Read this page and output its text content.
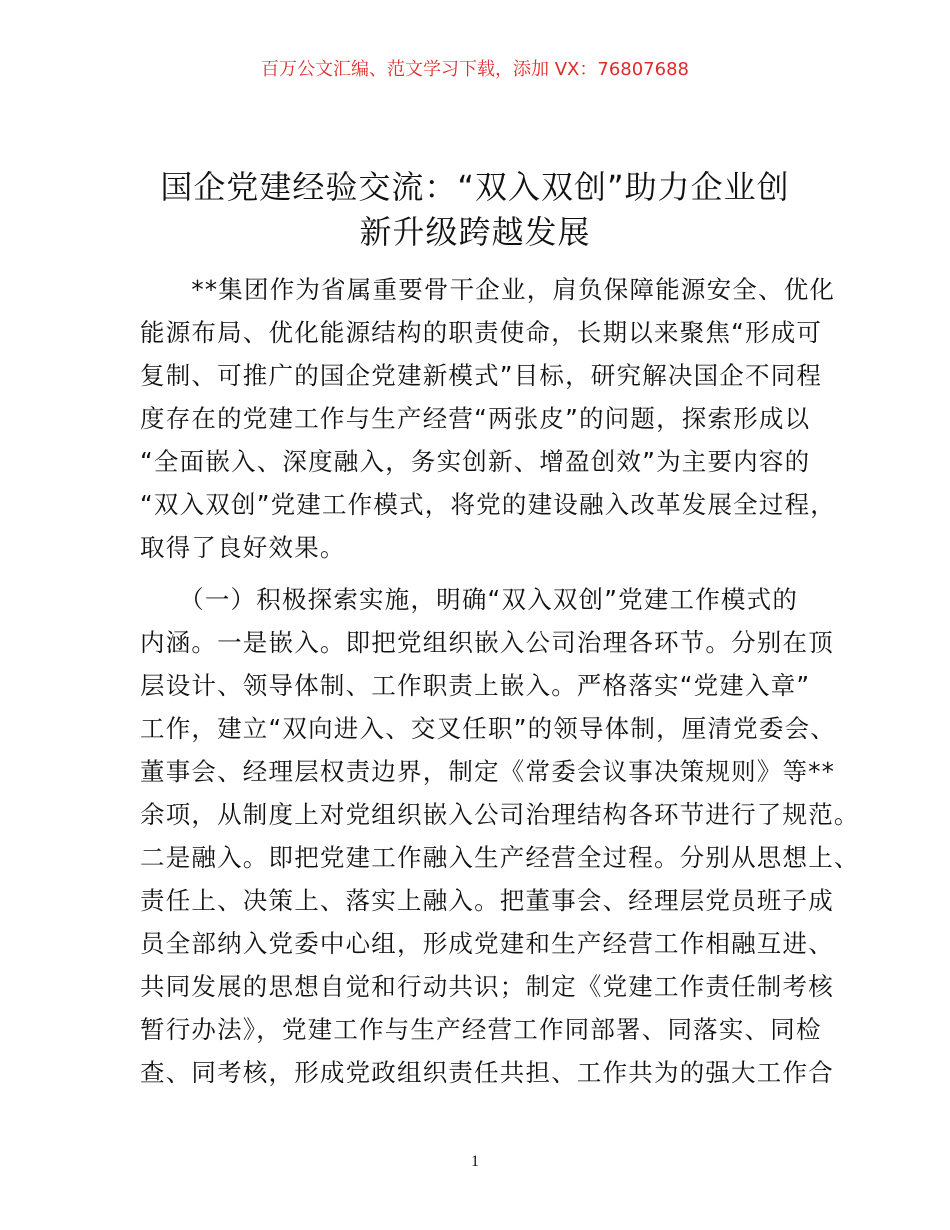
百万公文汇编、范文学习下载，添加 VX：76807688
国企党建经验交流：“双入双创”助力企业创
新升级跨越发展
　　**集团作为省属重要骨干企业，肩负保障能源安全、优化
能源布局、优化能源结构的职责使命，长期以来聚焦“形成可
复制、可推广的国企党建新模式”目标，研究解决国企不同程
度存在的党建工作与生产经营“两张皮”的问题，探索形成以
“全面嵌入、深度融入，务实创新、增盈创效”为主要内容的
“双入双创”党建工作模式，将党的建设融入改革发展全过程，
取得了良好效果。
　　（一）积极探索实施，明确“双入双创”党建工作模式的
内涵。一是嵌入。即把党组织嵌入公司治理各环节。分别在顶
层设计、领导体制、工作职责上嵌入。严格落实“党建入章”
工作，建立“双向进入、交叉任职”的领导体制，厘清党委会、
董事会、经理层权责边界，制定《常委会议事决策规则》等**
余项，从制度上对党组织嵌入公司治理结构各环节进行了规范。
二是融入。即把党建工作融入生产经营全过程。分别从思想上、
责任上、决策上、落实上融入。把董事会、经理层党员班子成
员全部纳入党委中心组，形成党建和生产经营工作相融互进、
共同发展的思想自觉和行动共识；制定《党建工作责任制考核
暂行办法》，党建工作与生产经营工作同部署、同落实、同检
查、同考核，形成党政组织责任共担、工作共为的强大工作合
1
